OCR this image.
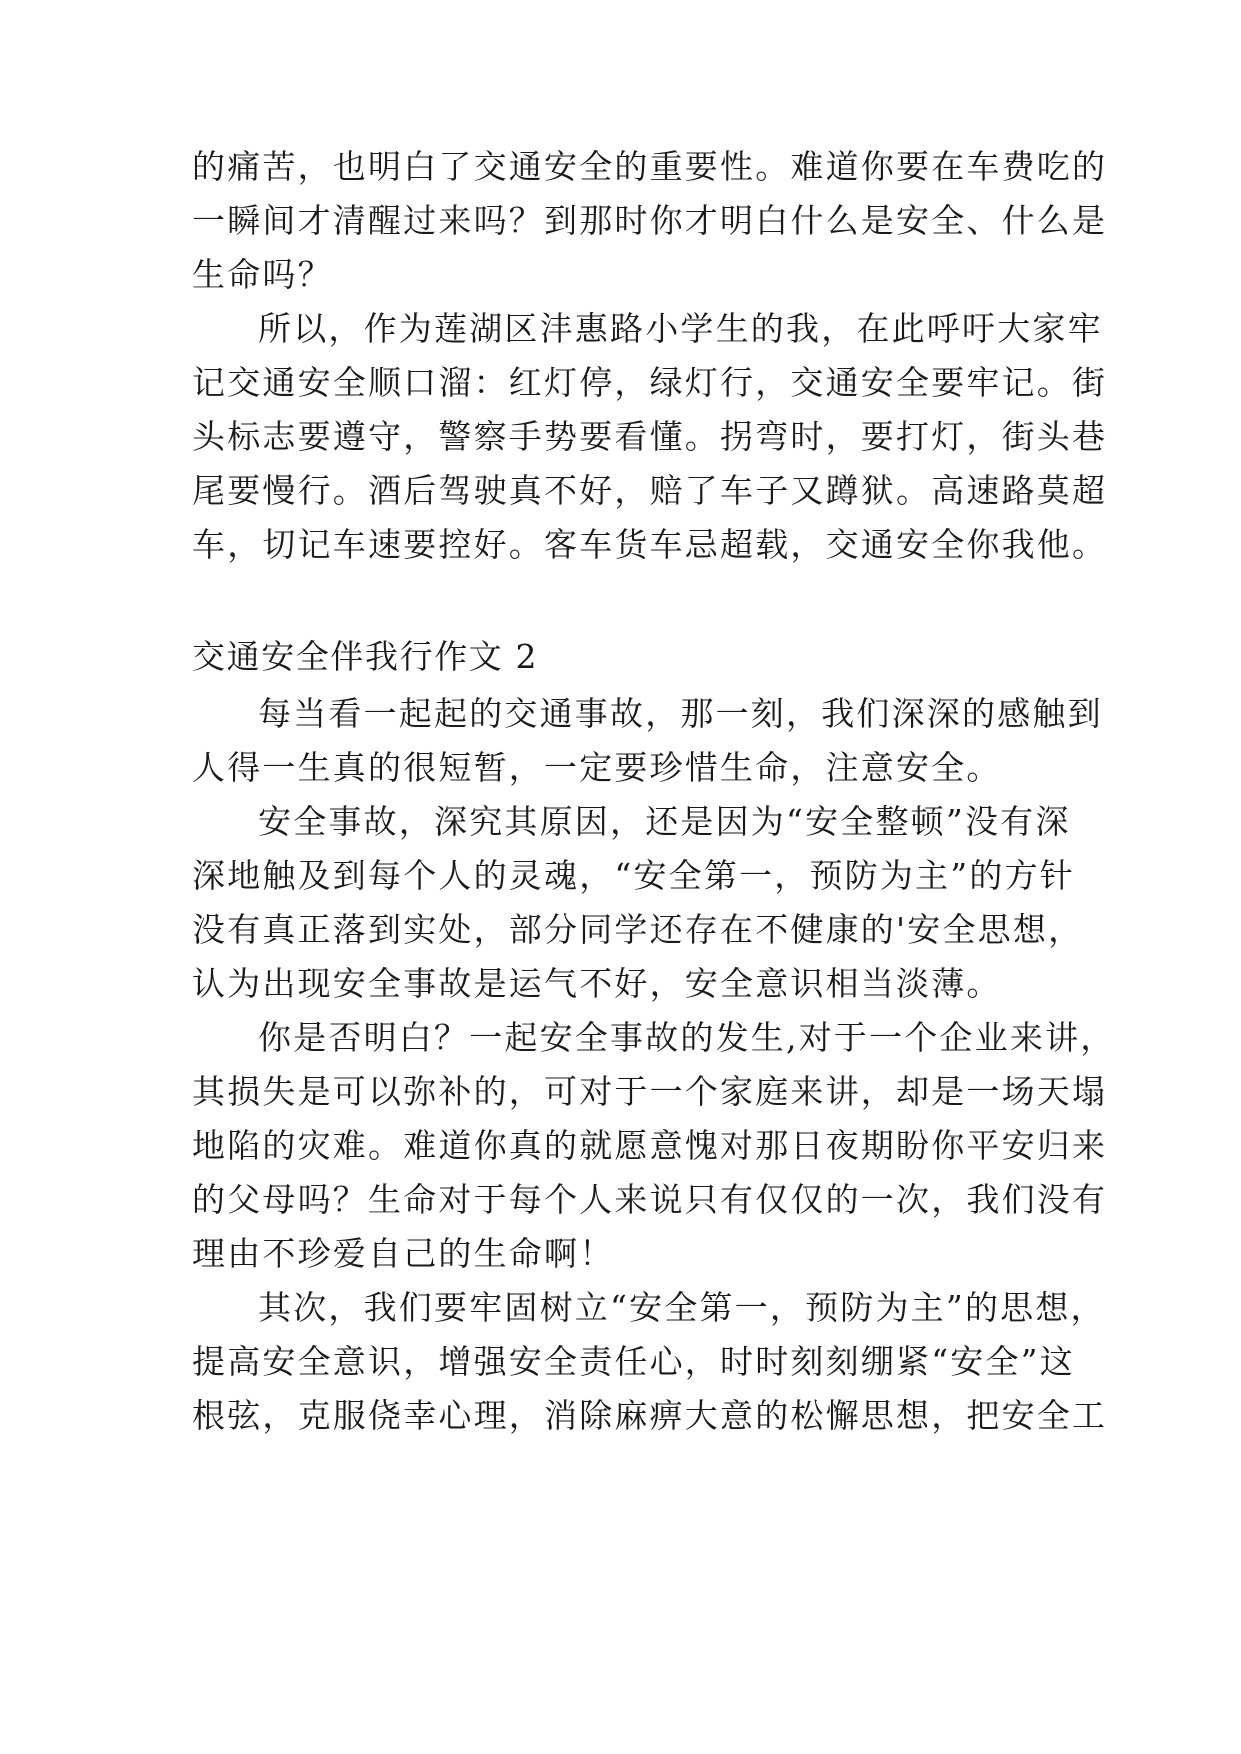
的痛苦，也明白了交通安全的重要性。难道你要在车费吃的
一瞬间才清醒过来吗？到那时你才明白什么是安全、什么是
生命吗？
所以，作为莲湖区沣惠路小学生的我，在此呼吁大家牢
记交通安全顺口溜：红灯停，绿灯行，交通安全要牢记。街
头标志要遵守，警察手势要看懂。拐弯时，要打灯，街头巷
尾要慢行。酒后驾驶真不好，赔了车子又蹲狱。高速路莫超
车，切记车速要控好。客车货车忌超载，交通安全你我他。
交通安全伴我行作文 2
每当看一起起的交通事故，那一刻，我们深深的感触到
人得一生真的很短暂，一定要珍惜生命，注意安全。
安全事故，深究其原因，还是因为“安全整顿”没有深
深地触及到每个人的灵魂，“安全第一，预防为主”的方针
没有真正落到实处，部分同学还存在不健康的'安全思想，
认为出现安全事故是运气不好，安全意识相当淡薄。
你是否明白？一起安全事故的发生,对于一个企业来讲，
其损失是可以弥补的，可对于一个家庭来讲，却是一场天塌
地陷的灾难。难道你真的就愿意愧对那日夜期盼你平安归来
的父母吗？生命对于每个人来说只有仅仅的一次，我们没有
理由不珍爱自己的生命啊！
其次，我们要牢固树立“安全第一，预防为主”的思想，
提高安全意识，增强安全责任心，时时刻刻绷紧“安全”这
根弦，克服侥幸心理，消除麻痹大意的松懈思想，把安全工
